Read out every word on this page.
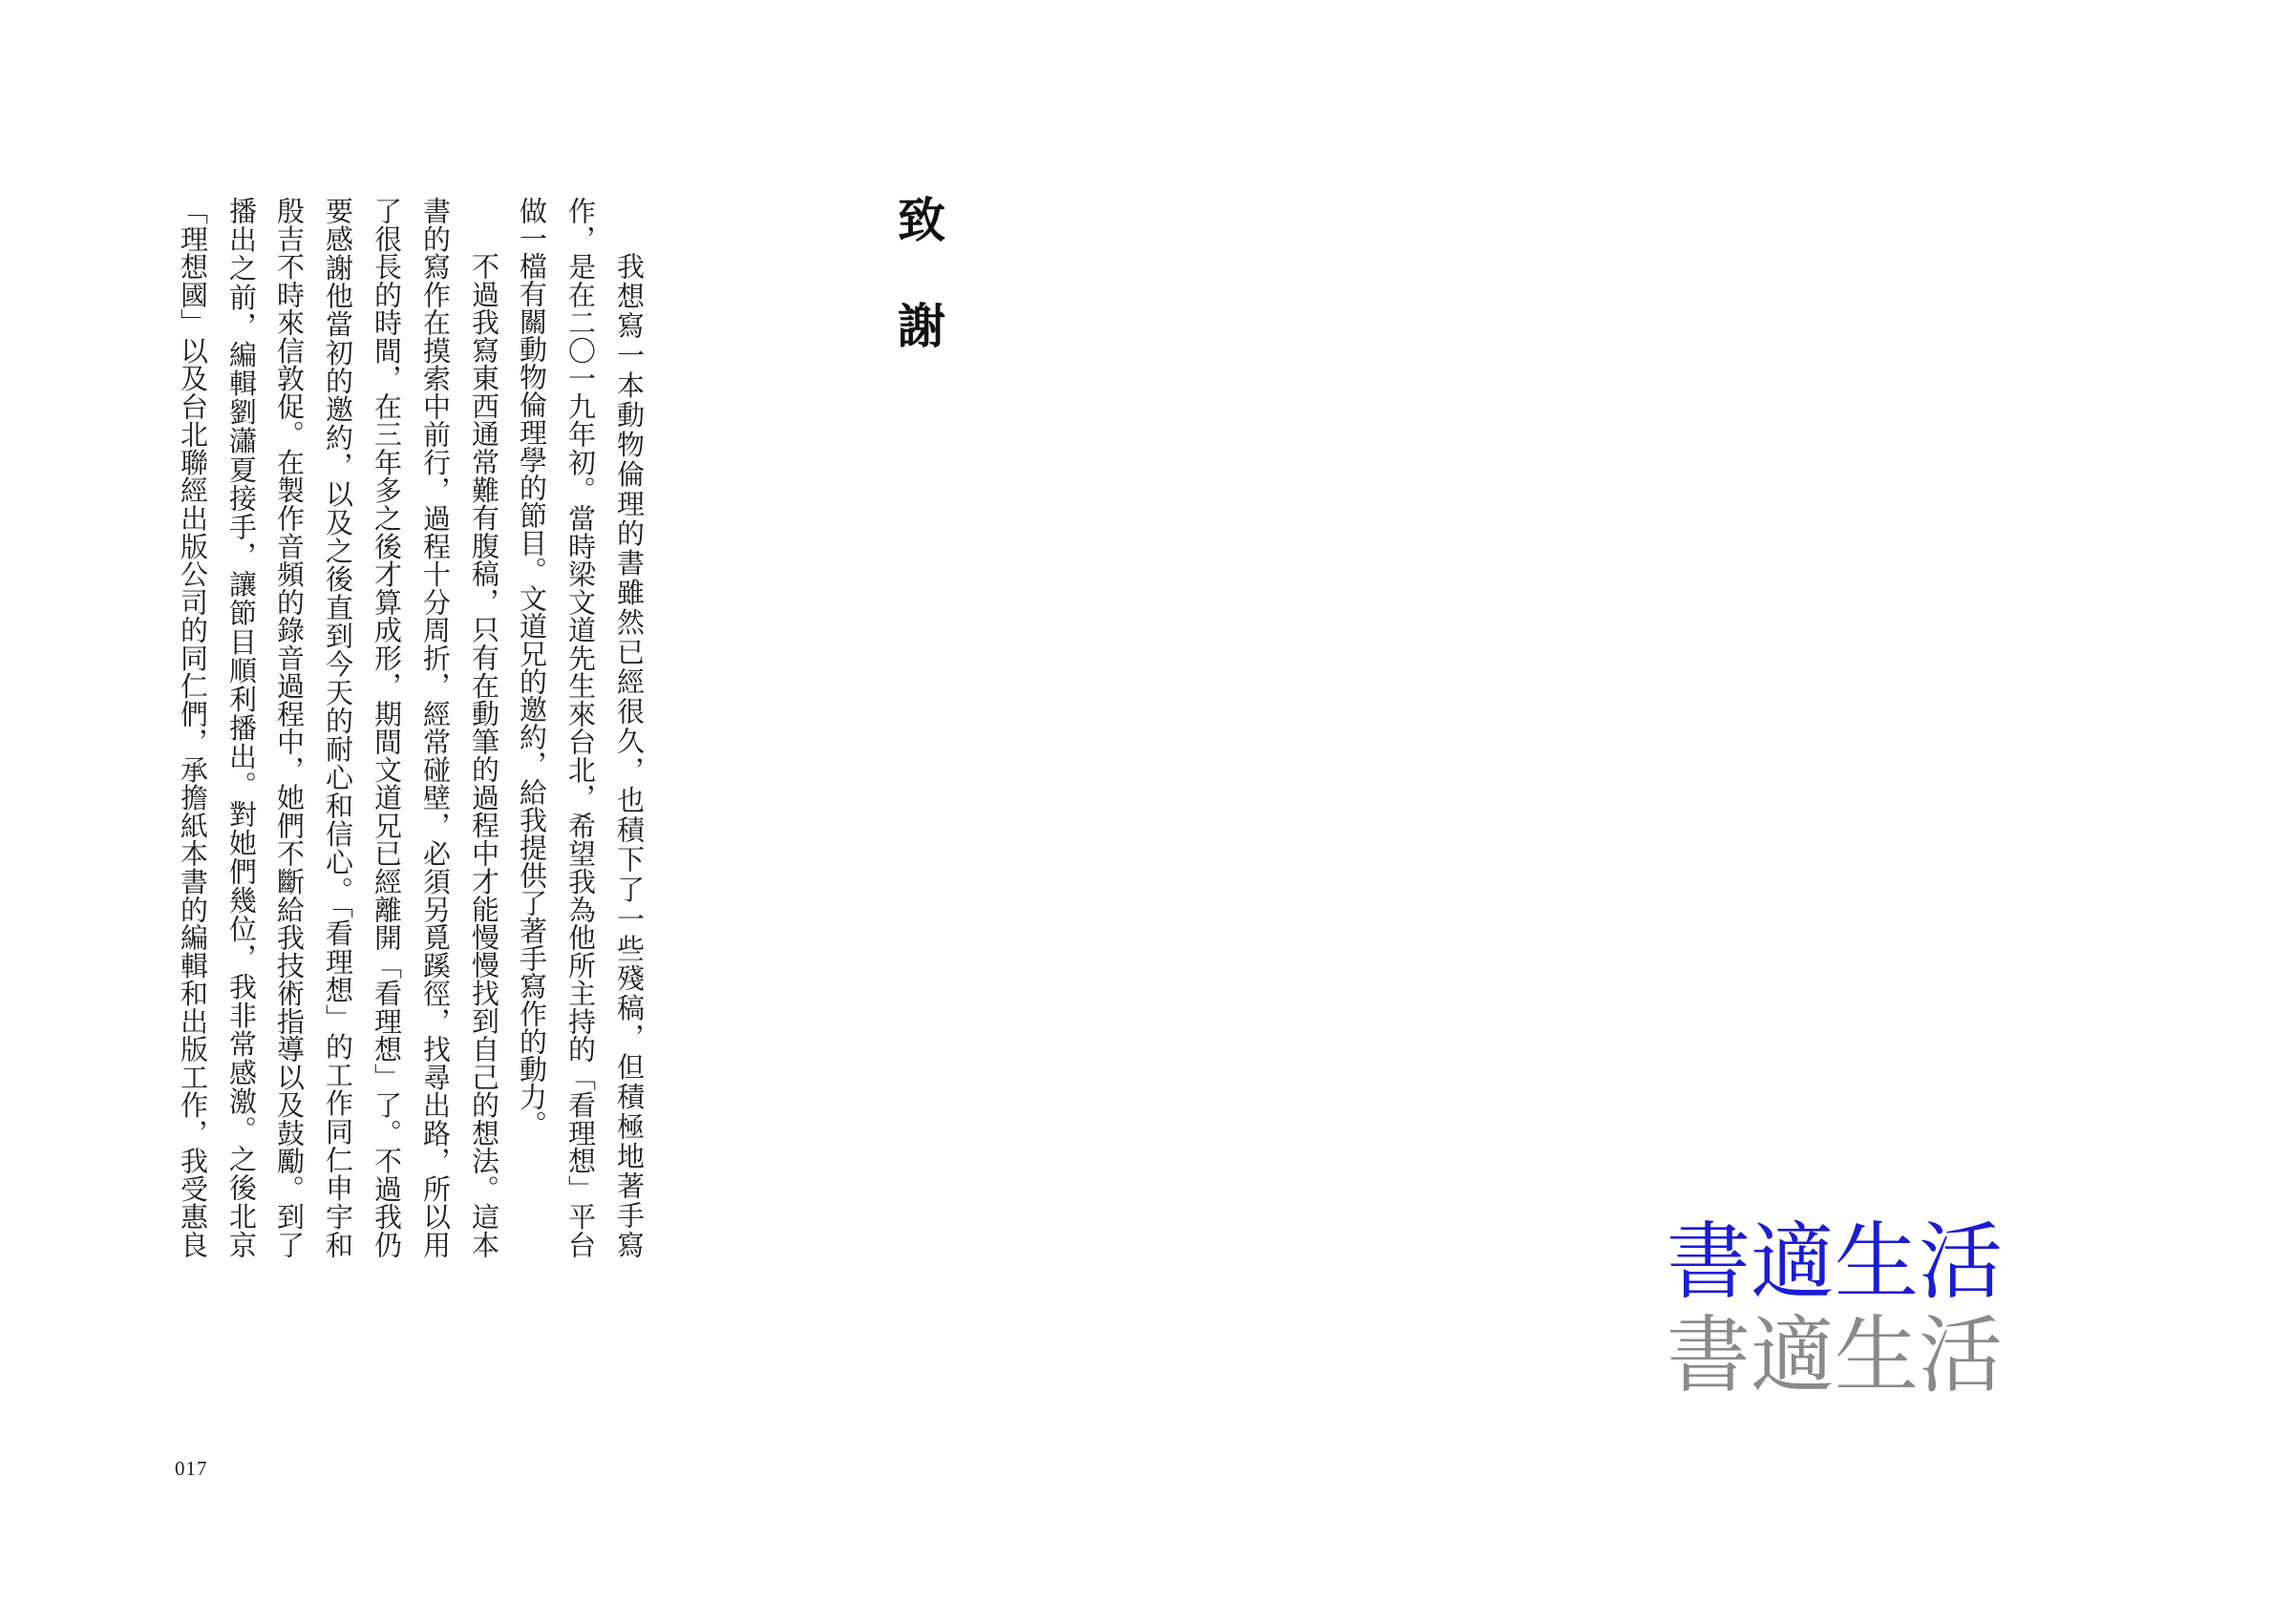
致謝
我想寫一本動物倫理的書雖然已經很久，也積下了一些殘稿，但積極地著手寫
作，是在二〇一九年初。當時梁文道先生來台北，希望我為他所主持的「看理想」平台
做一檔有關動物倫理學的節目。文道兄的邀約，給我提供了著手寫作的動力。
不過我寫東西通常難有腹稿，只有在動筆的過程中才能慢慢找到自己的想法。這本
書的寫作在摸索中前行，過程十分周折，經常碰壁，必須另覓蹊徑，找尋出路，所以用
了很長的時間，在三年多之後才算成形，期間文道兄已經離開「看理想」了。不過我仍
要感謝他當初的邀約，以及之後直到今天的耐心和信心。「看理想」的工作同仁申宇和
殷吉不時來信敦促。在製作音頻的錄音過程中，她們不斷給我技術指導以及鼓勵。到了
播出之前，編輯劉瀟夏接手，讓節目順利播出。對她們幾位，我非常感激。之後北京
「理想國」以及台北聯經出版公司的同仁們，承擔紙本書的編輯和出版工作，我受惠良
017
書適生活
書適生活
